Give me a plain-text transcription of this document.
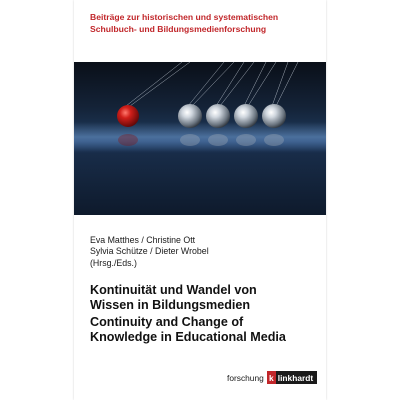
Beiträge zur historischen und systematischen
Schulbuch- und Bildungsmedienforschung
Eva Matthes / Christine Ott
Sylvia Schütze / Dieter Wrobel
(Hrsg./Eds.)
Kontinuität und Wandel von
Wissen in Bildungsmedien
Continuity and Change of
Knowledge in Educational Media
forschung k linkhardt
